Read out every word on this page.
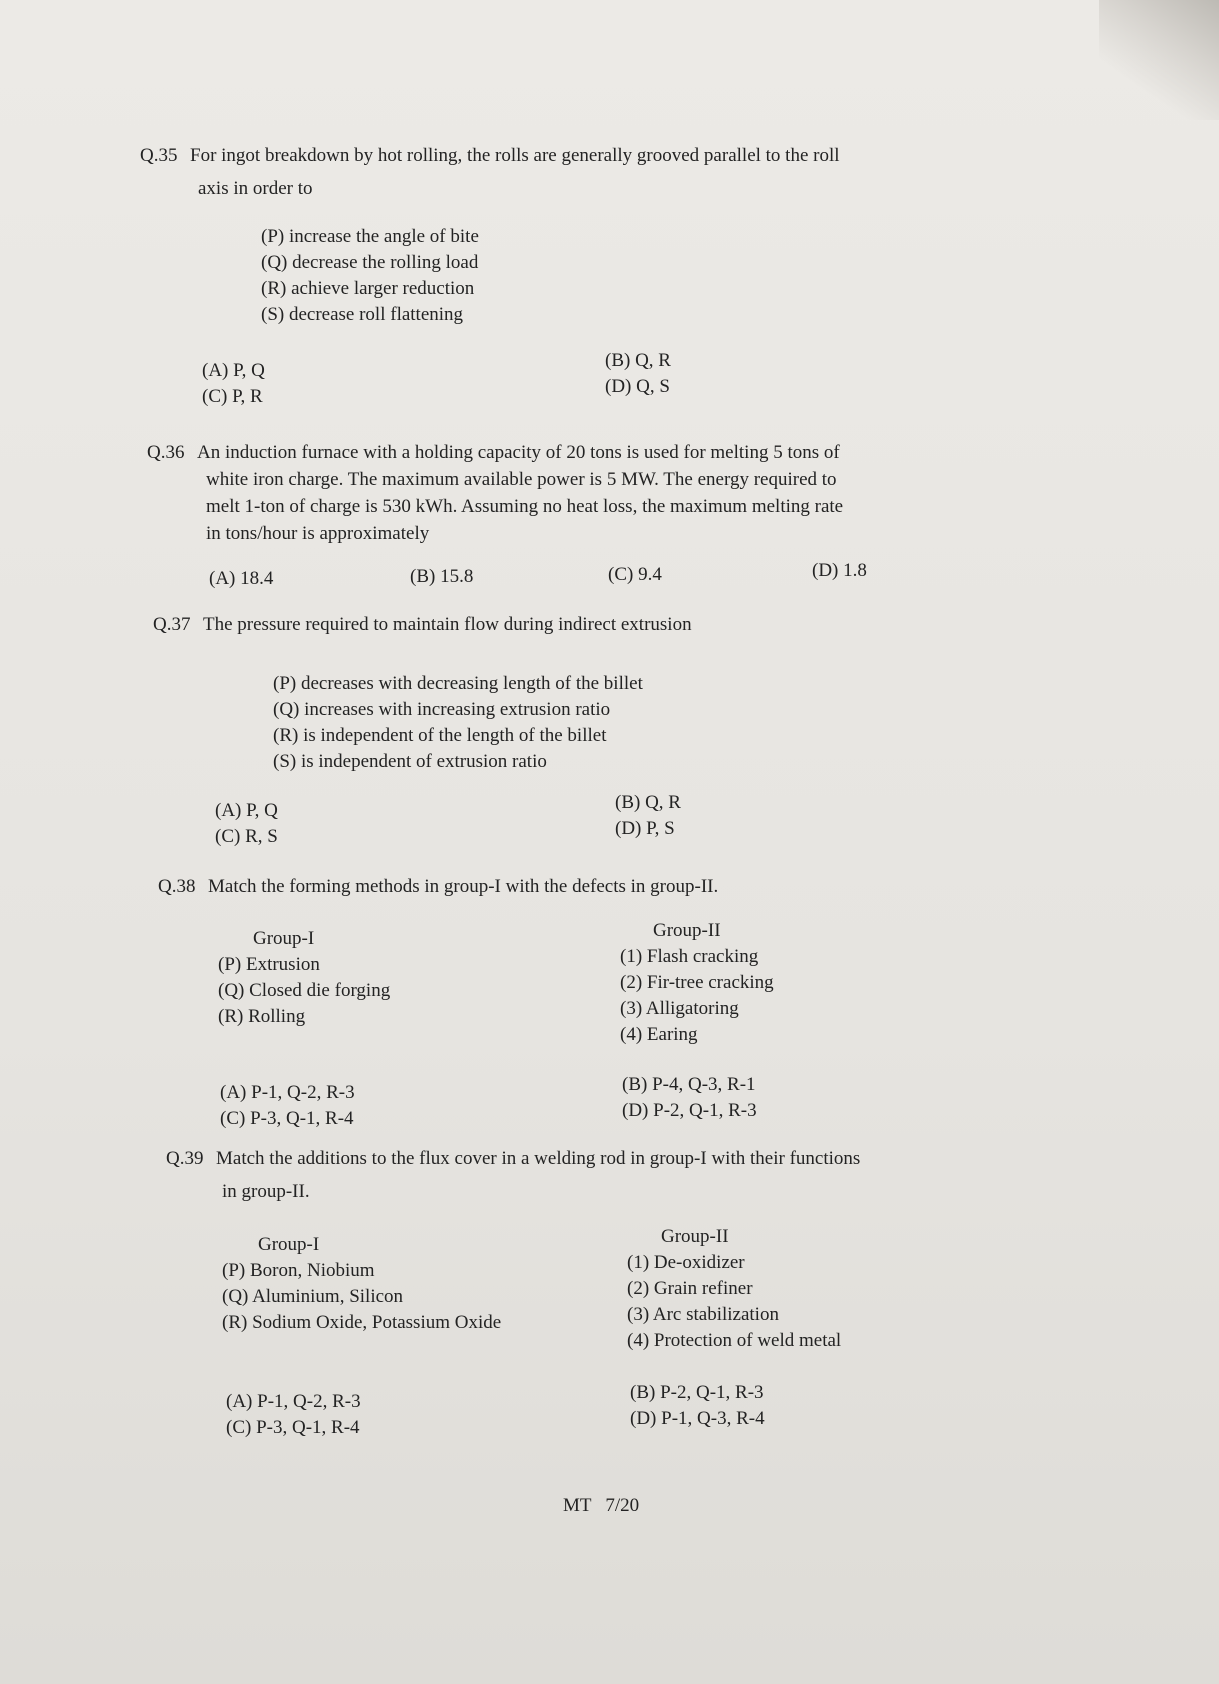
Q.35 For ingot breakdown by hot rolling, the rolls are generally grooved parallel to the roll
axis in order to
(P) increase the angle of bite
(Q) decrease the rolling load
(R) achieve larger reduction
(S) decrease roll flattening
(A) P, Q	(B) Q, R
(C) P, R	(D) Q, S
Q.36 An induction furnace with a holding capacity of 20 tons is used for melting 5 tons of
white iron charge. The maximum available power is 5 MW. The energy required to
melt 1-ton of charge is 530 kWh. Assuming no heat loss, the maximum melting rate
in tons/hour is approximately
(A) 18.4	(B) 15.8	(C) 9.4	(D) 1.8
Q.37 The pressure required to maintain flow during indirect extrusion
(P) decreases with decreasing length of the billet
(Q) increases with increasing extrusion ratio
(R) is independent of the length of the billet
(S) is independent of extrusion ratio
(A) P, Q	(B) Q, R
(C) R, S	(D) P, S
Q.38 Match the forming methods in group-I with the defects in group-II.
Group-I
(P) Extrusion
(Q) Closed die forging
(R) Rolling
Group-II
(1) Flash cracking
(2) Fir-tree cracking
(3) Alligatoring
(4) Earing
(A) P-1, Q-2, R-3	(B) P-4, Q-3, R-1
(C) P-3, Q-1, R-4	(D) P-2, Q-1, R-3
Q.39 Match the additions to the flux cover in a welding rod in group-I with their functions
in group-II.
Group-I
(P) Boron, Niobium
(Q) Aluminium, Silicon
(R) Sodium Oxide, Potassium Oxide
Group-II
(1) De-oxidizer
(2) Grain refiner
(3) Arc stabilization
(4) Protection of weld metal
(A) P-1, Q-2, R-3	(B) P-2, Q-1, R-3
(C) P-3, Q-1, R-4	(D) P-1, Q-3, R-4
MT   7/20
